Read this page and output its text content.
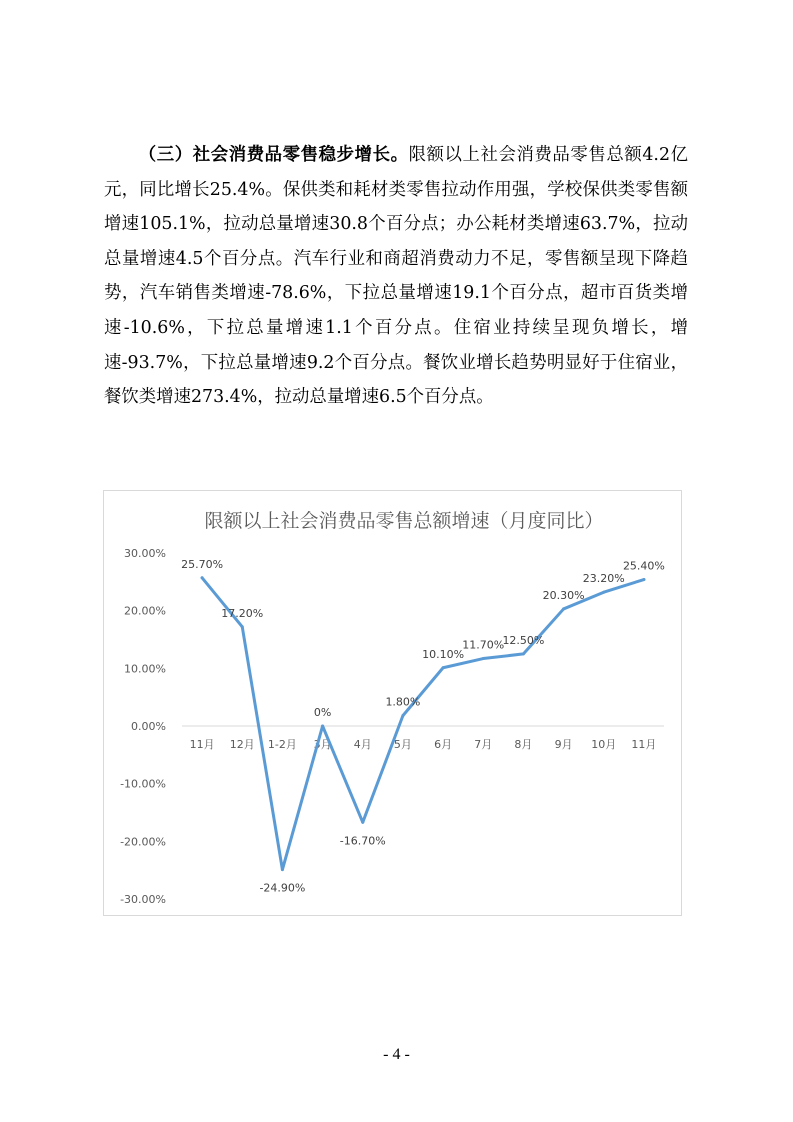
（三）社会消费品零售稳步增长。限额以上社会消费品零售总额4.2亿元，同比增长25.4%。保供类和耗材类零售拉动作用强，学校保供类零售额增速105.1%，拉动总量增速30.8个百分点；办公耗材类增速63.7%，拉动总量增速4.5个百分点。汽车行业和商超消费动力不足，零售额呈现下降趋势，汽车销售类增速-78.6%，下拉总量增速19.1个百分点，超市百货类增速-10.6%，下拉总量增速1.1个百分点。住宿业持续呈现负增长，增速-93.7%，下拉总量增速9.2个百分点。餐饮业增长趋势明显好于住宿业，餐饮类增速273.4%，拉动总量增速6.5个百分点。

限额以上社会消费品零售总额增速（月度同比）
30.00%
20.00%
10.00%
0.00%
-10.00%
-20.00%
-30.00%
11月 12月 1-2月 3月 4月 5月 6月 7月 8月 9月 10月 11月
25.70%
17.20%
-24.90%
0%
-16.70%
1.80%
10.10%
11.70%
12.50%
20.30%
23.20%
25.40%
- 4 -
